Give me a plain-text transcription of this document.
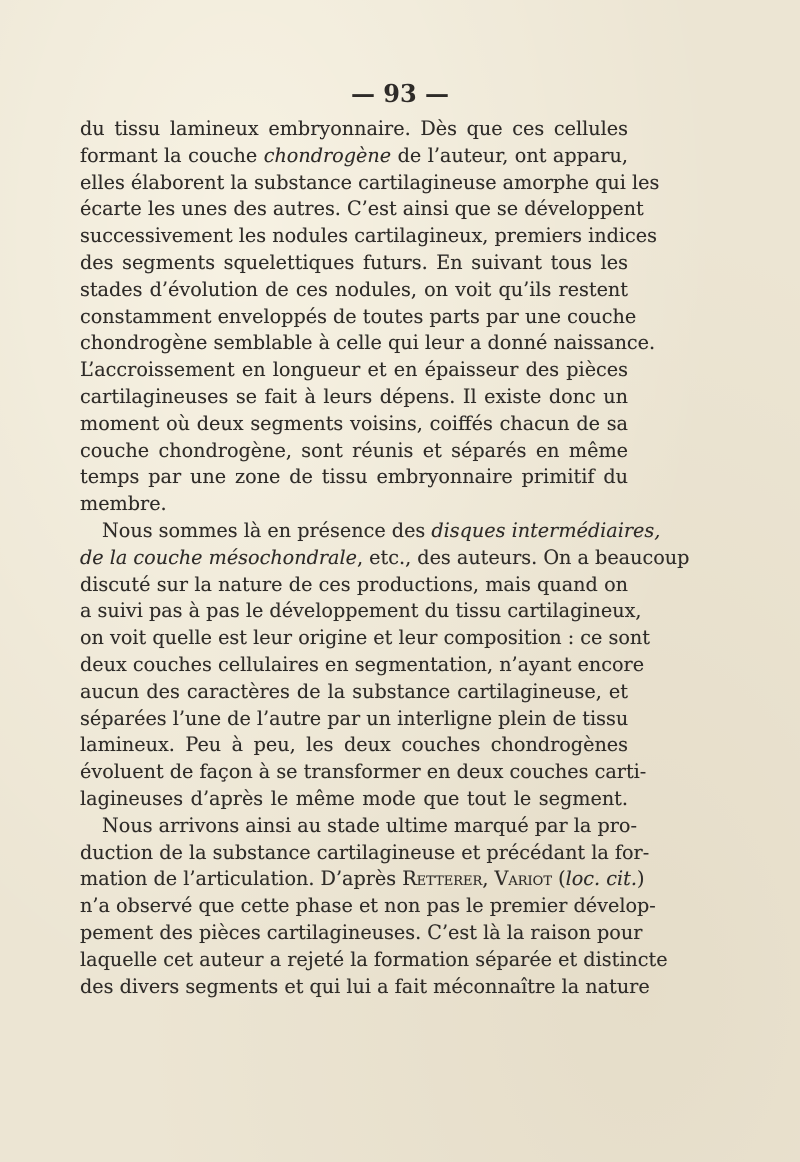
— 93 —
du tissu lamineux embryonnaire. Dès que ces cellules
formant la couche chondrogène de l’auteur, ont apparu,
elles élaborent la substance cartilagineuse amorphe qui les
écarte les unes des autres. C’est ainsi que se développent
successivement les nodules cartilagineux, premiers indices
des segments squelettiques futurs. En suivant tous les
stades d’évolution de ces nodules, on voit qu’ils restent
constamment enveloppés de toutes parts par une couche
chondrogène semblable à celle qui leur a donné naissance.
L’accroissement en longueur et en épaisseur des pièces
cartilagineuses se fait à leurs dépens. Il existe donc un
moment où deux segments voisins, coiffés chacun de sa
couche chondrogène, sont réunis et séparés en même
temps par une zone de tissu embryonnaire primitif du
membre.
Nous sommes là en présence des disques intermédiaires,
de la couche mésochondrale, etc., des auteurs. On a beaucoup
discuté sur la nature de ces productions, mais quand on
a suivi pas à pas le développement du tissu cartilagineux,
on voit quelle est leur origine et leur composition : ce sont
deux couches cellulaires en segmentation, n’ayant encore
aucun des caractères de la substance cartilagineuse, et
séparées l’une de l’autre par un interligne plein de tissu
lamineux. Peu à peu, les deux couches chondrogènes
évoluent de façon à se transformer en deux couches carti-
lagineuses d’après le même mode que tout le segment.
Nous arrivons ainsi au stade ultime marqué par la pro-
duction de la substance cartilagineuse et précédant la for-
mation de l’articulation. D’après Retterer, Variot (loc. cit.)
n’a observé que cette phase et non pas le premier dévelop-
pement des pièces cartilagineuses. C’est là la raison pour
laquelle cet auteur a rejeté la formation séparée et distincte
des divers segments et qui lui a fait méconnaître la nature
